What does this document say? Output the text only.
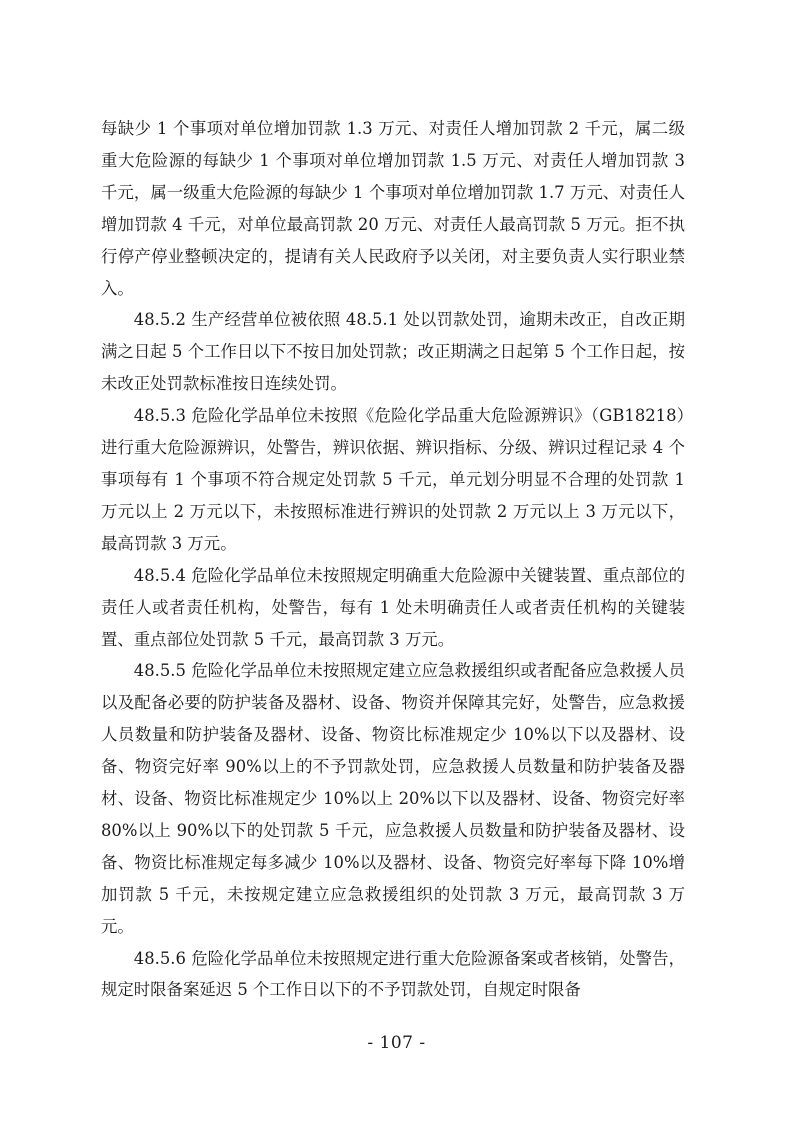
每缺少 1 个事项对单位增加罚款 1.3 万元、对责任人增加罚款 2 千元，属二级重大危险源的每缺少 1 个事项对单位增加罚款 1.5 万元、对责任人增加罚款 3 千元，属一级重大危险源的每缺少 1 个事项对单位增加罚款 1.7 万元、对责任人增加罚款 4 千元，对单位最高罚款 20 万元、对责任人最高罚款 5 万元。拒不执行停产停业整顿决定的，提请有关人民政府予以关闭，对主要负责人实行职业禁入。

48.5.2 生产经营单位被依照 48.5.1 处以罚款处罚，逾期未改正，自改正期满之日起 5 个工作日以下不按日加处罚款；改正期满之日起第 5 个工作日起，按未改正处罚款标准按日连续处罚。

48.5.3 危险化学品单位未按照《危险化学品重大危险源辨识》（GB18218）进行重大危险源辨识，处警告，辨识依据、辨识指标、分级、辨识过程记录 4 个事项每有 1 个事项不符合规定处罚款 5 千元，单元划分明显不合理的处罚款 1 万元以上 2 万元以下，未按照标准进行辨识的处罚款 2 万元以上 3 万元以下，最高罚款 3 万元。

48.5.4 危险化学品单位未按照规定明确重大危险源中关键装置、重点部位的责任人或者责任机构，处警告，每有 1 处未明确责任人或者责任机构的关键装置、重点部位处罚款 5 千元，最高罚款 3 万元。

48.5.5 危险化学品单位未按照规定建立应急救援组织或者配备应急救援人员以及配备必要的防护装备及器材、设备、物资并保障其完好，处警告，应急救援人员数量和防护装备及器材、设备、物资比标准规定少 10%以下以及器材、设备、物资完好率 90%以上的不予罚款处罚，应急救援人员数量和防护装备及器材、设备、物资比标准规定少 10%以上 20%以下以及器材、设备、物资完好率 80%以上 90%以下的处罚款 5 千元，应急救援人员数量和防护装备及器材、设备、物资比标准规定每多减少 10%以及器材、设备、物资完好率每下降 10%增加罚款 5 千元，未按规定建立应急救援组织的处罚款 3 万元，最高罚款 3 万元。

48.5.6 危险化学品单位未按照规定进行重大危险源备案或者核销，处警告，规定时限备案延迟 5 个工作日以下的不予罚款处罚，自规定时限备

- 107 -
